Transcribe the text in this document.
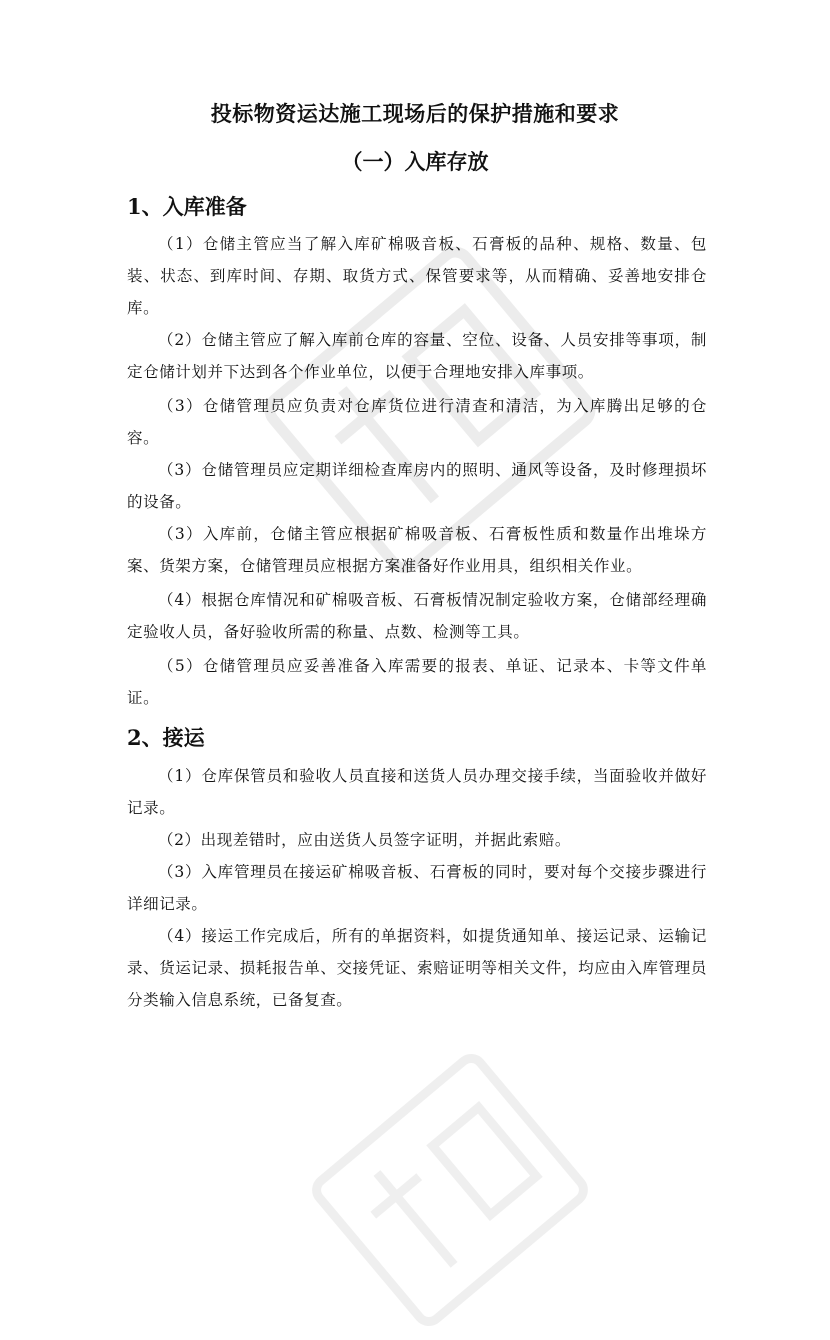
投标物资运达施工现场后的保护措施和要求
（一）入库存放
1、入库准备
（1）仓储主管应当了解入库矿棉吸音板、石膏板的品种、规格、数量、包装、状态、到库时间、存期、取货方式、保管要求等，从而精确、妥善地安排仓库。
（2）仓储主管应了解入库前仓库的容量、空位、设备、人员安排等事项，制定仓储计划并下达到各个作业单位，以便于合理地安排入库事项。
（3）仓储管理员应负责对仓库货位进行清查和清洁，为入库腾出足够的仓容。
（3）仓储管理员应定期详细检查库房内的照明、通风等设备，及时修理损坏的设备。
（3）入库前，仓储主管应根据矿棉吸音板、石膏板性质和数量作出堆垛方案、货架方案，仓储管理员应根据方案准备好作业用具，组织相关作业。
（4）根据仓库情况和矿棉吸音板、石膏板情况制定验收方案，仓储部经理确定验收人员，备好验收所需的称量、点数、检测等工具。
（5）仓储管理员应妥善准备入库需要的报表、单证、记录本、卡等文件单证。
2、接运
（1）仓库保管员和验收人员直接和送货人员办理交接手续，当面验收并做好记录。
（2）出现差错时，应由送货人员签字证明，并据此索赔。
（3）入库管理员在接运矿棉吸音板、石膏板的同时，要对每个交接步骤进行详细记录。
（4）接运工作完成后，所有的单据资料，如提货通知单、接运记录、运输记录、货运记录、损耗报告单、交接凭证、索赔证明等相关文件，均应由入库管理员分类输入信息系统，已备复查。
